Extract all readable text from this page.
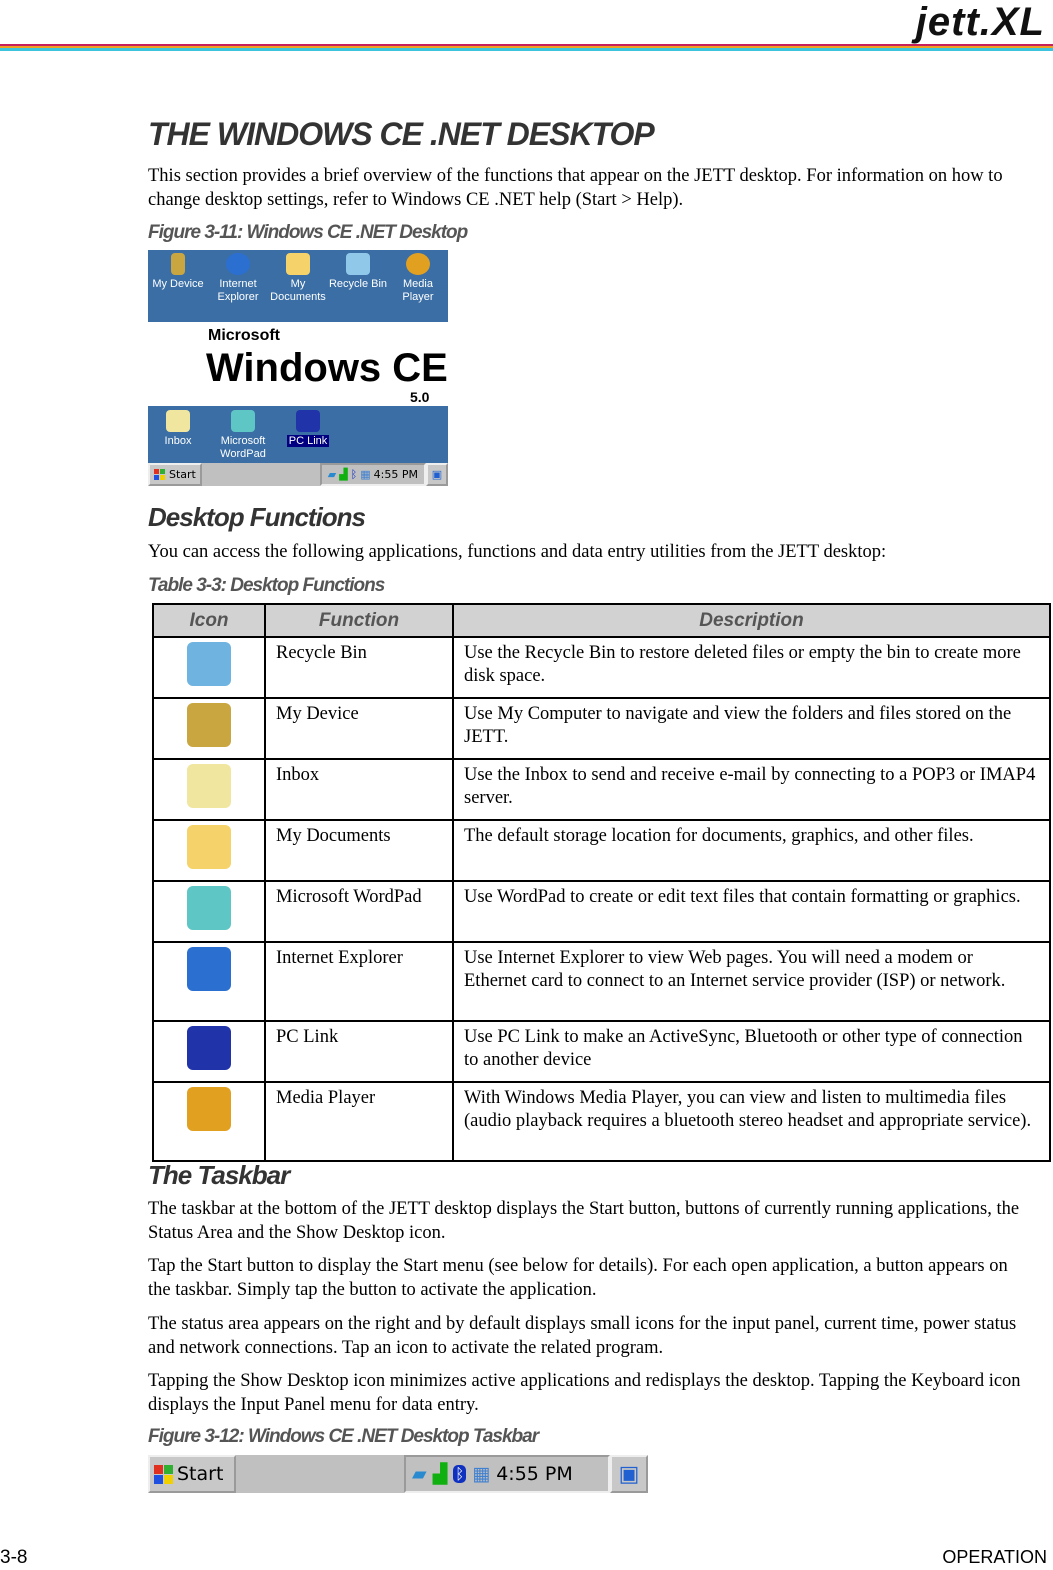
jett.XL
THE WINDOWS CE .NET DESKTOP

This section provides a brief overview of the functions that appear on the JETT desktop. For information on how to change desktop settings, refer to Windows CE .NET help (Start > Help).

Figure 3-11: Windows CE .NET Desktop
Microsoft
Windows CE
5.0
My Device	Internet Explorer
My Documents
Recycle Bin	Media Player
Inbox	Microsoft WordPad
PC Link
Start	▰ ▟ ᛒ ▦ 4:55 PM	▣
Desktop Functions

You can access the following applications, functions and data entry utilities from the JETT desktop:

Table 3-3: Desktop Functions
Icon	Function	Description
	Recycle Bin	Use the Recycle Bin to restore deleted files or empty the bin to create more disk space.
	My Device	Use My Computer to navigate and view the folders and files stored on the JETT.
	Inbox	Use the Inbox to send and receive e-mail by connecting to a POP3 or IMAP4 server.
	My Documents	The default storage location for documents, graphics, and other files.
	Microsoft WordPad	Use WordPad to create or edit text files that contain formatting or graphics.
	Internet Explorer	Use Internet Explorer to view Web pages. You will need a modem or Ethernet card to connect to an Internet service provider (ISP) or network.
	PC Link	Use PC Link to make an ActiveSync, Bluetooth or other type of connection to another device
	Media Player	With Windows Media Player, you can view and listen to multimedia files (audio playback requires a bluetooth stereo headset and appropriate service).
The Taskbar

The taskbar at the bottom of the JETT desktop displays the Start button, buttons of currently running applications, the Status Area and the Show Desktop icon.

Tap the Start button to display the Start menu (see below for details). For each open application, a button appears on the taskbar. Simply tap the button to activate the application.

The status area appears on the right and by default displays small icons for the input panel, current time, power status and network connections. Tap an icon to activate the related program.

Tapping the Show Desktop icon minimizes active applications and redisplays the desktop. Tapping the Keyboard icon displays the Input Panel menu for data entry.

Figure 3-12: Windows CE .NET Desktop Taskbar
Start	▰ ▟ ᛒ ▦ 4:55 PM	▣
3-8	OPERATION
